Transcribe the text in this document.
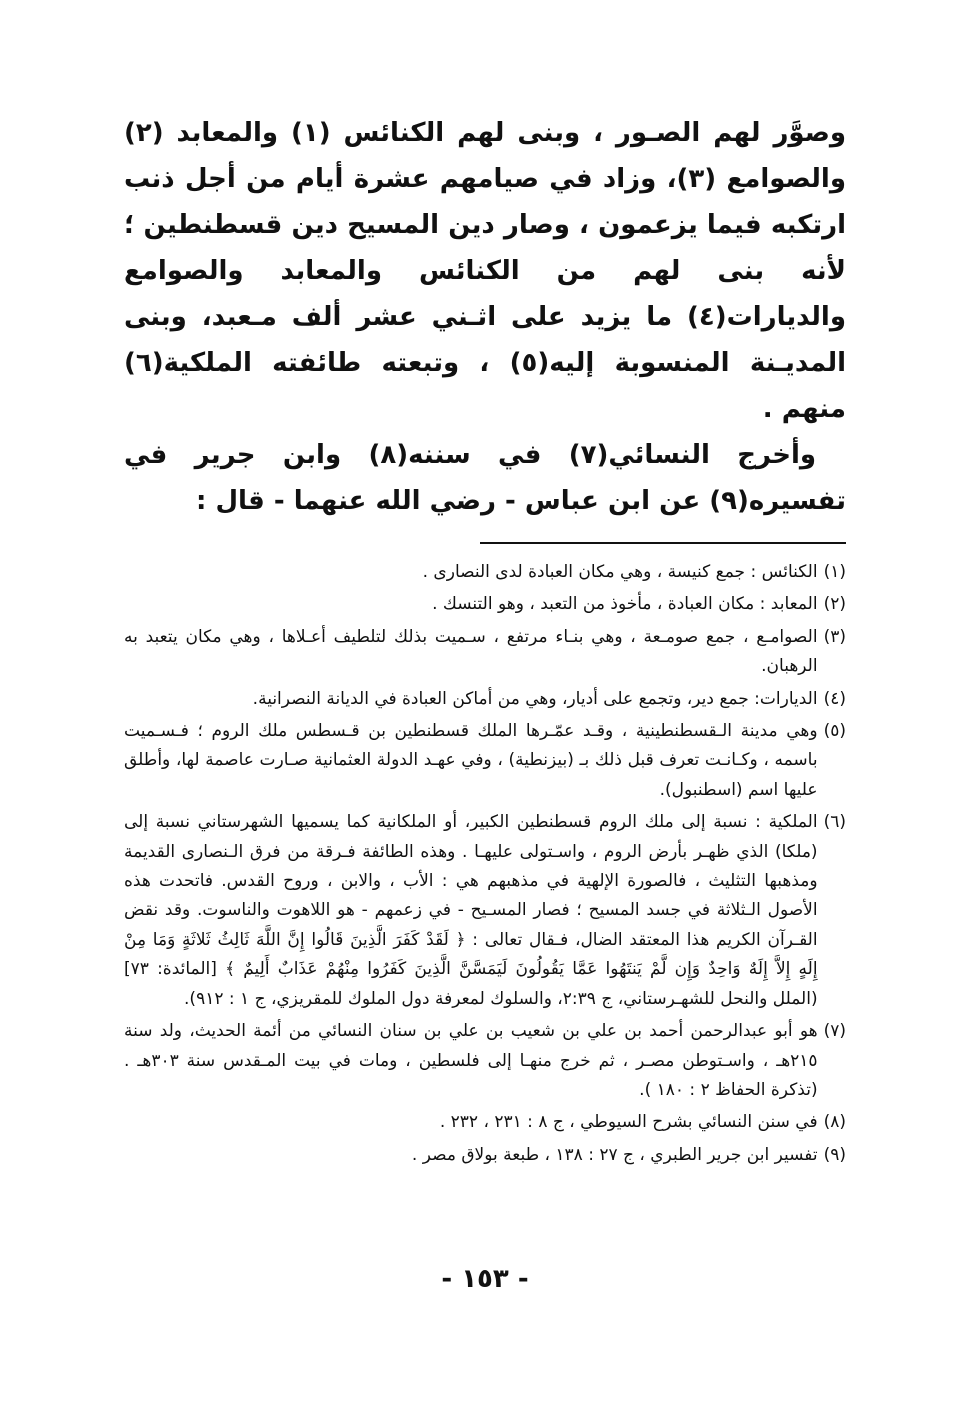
وصوَّر لهم الصـور ، وبنى لهم الكنائس (١) والمعابد (٢) والصوامع (٣)، وزاد في صيامهم عشرة أيام من أجل ذنب ارتكبه فيما يزعمون ، وصار دين المسيح دين قسطنطين ؛ لأنه بنى لهم من الكنائس والمعابد والصوامع والديارات(٤) ما يزيد على اثـني عشر ألف مـعبد، وبنى المديـنة المنسوبة إليه(٥) ، وتبعته طائفته الملكية(٦) منهم .

وأخرج النسائي(٧) في سننه(٨) وابن جرير في تفسيره(٩) عن ابن عباس - رضي الله عنهما - قال :

(١)
الكنائس : جمع كنيسة ، وهي مكان العبادة لدى النصارى .
(٢)
المعابد : مكان العبادة ، مأخوذ من التعبد ، وهو التنسك .
(٣)
الصوامـع ، جمع صومـعة ، وهي بنـاء مرتفع ، سـميت بذلك لتلطيف أعـلاها ، وهي مكان يتعبد به الرهبان.
(٤)
الديارات: جمع دير، وتجمع على أديار، وهي من أماكن العبادة في الديانة النصرانية.
(٥)
وهي مدينة الـقسطنطينية ، وقـد عمّـرها الملك قسطنطين بن قـسطس ملك الروم ؛ فـسـميت باسمه ، وكـانـت تعرف قبل ذلك بـ (بيزنطية) ، وفي عهـد الدولة العثمانية صـارت عاصمة لها، وأطلق عليها اسم (اسطنبول).
(٦)
الملكية : نسبة إلى ملك الروم قسطنطين الكبير، أو الملكانية كما يسميها الشهرستاني نسبة إلى (ملكا) الذي ظهـر بأرض الروم ، واسـتولى عليهـا . وهذه الطائفة فـرقة من فرق الـنصارى القديمة ومذهبها التثليث ، فالصورة الإلهية في مذهبهم هي : الأب ، والابن ، وروح القدس. فاتحدت هذه الأصول الـثلاثة في جسد المسيح ؛ فصار المسـيح - في زعمهم - هو اللاهوت والناسوت. وقد نقض القـرآن الكريم هذا المعتقد الضال، فـقال تعالى : ﴿ لَقَدْ كَفَرَ الَّذِينَ قَالُوا إِنَّ اللَّهَ ثَالِثُ ثَلاثَةٍ وَمَا مِنْ إِلَهٍ إِلاَّ إِلَهٌ وَاحِدٌ وَإِن لَّمْ يَنتَهُوا عَمَّا يَقُولُونَ لَيَمَسَّنَّ الَّذِينَ كَفَرُوا مِنْهُمْ عَذَابٌ أَلِيمٌ ﴾ [المائدة: ٧٣] (الملل والنحل للشهـرستاني، ج ٢:٣٩، والسلوك لمعرفة دول الملوك للمقريزي، ج ١ : ٩١٢).
(٧)
هو أبو عبدالرحمن أحمد بن علي بن شعيب بن علي بن سنان النسائي من أئمة الحديث، ولد سنة ٢١٥هـ ، واسـتوطن مصـر ، ثم خرج منهـا إلى فلسطين ، ومات في بيت المـقدس سنة ٣٠٣هـ . (تذكرة الحفاظ ٢ : ١٨٠ ).
(٨)
في سنن النسائي بشرح السيوطي ، ج ٨ : ٢٣١ ، ٢٣٢ .
(٩)
تفسير ابن جرير الطبري ، ج ٢٧ : ١٣٨ ، طبعة بولاق مصر .
- ١٥٣ -
